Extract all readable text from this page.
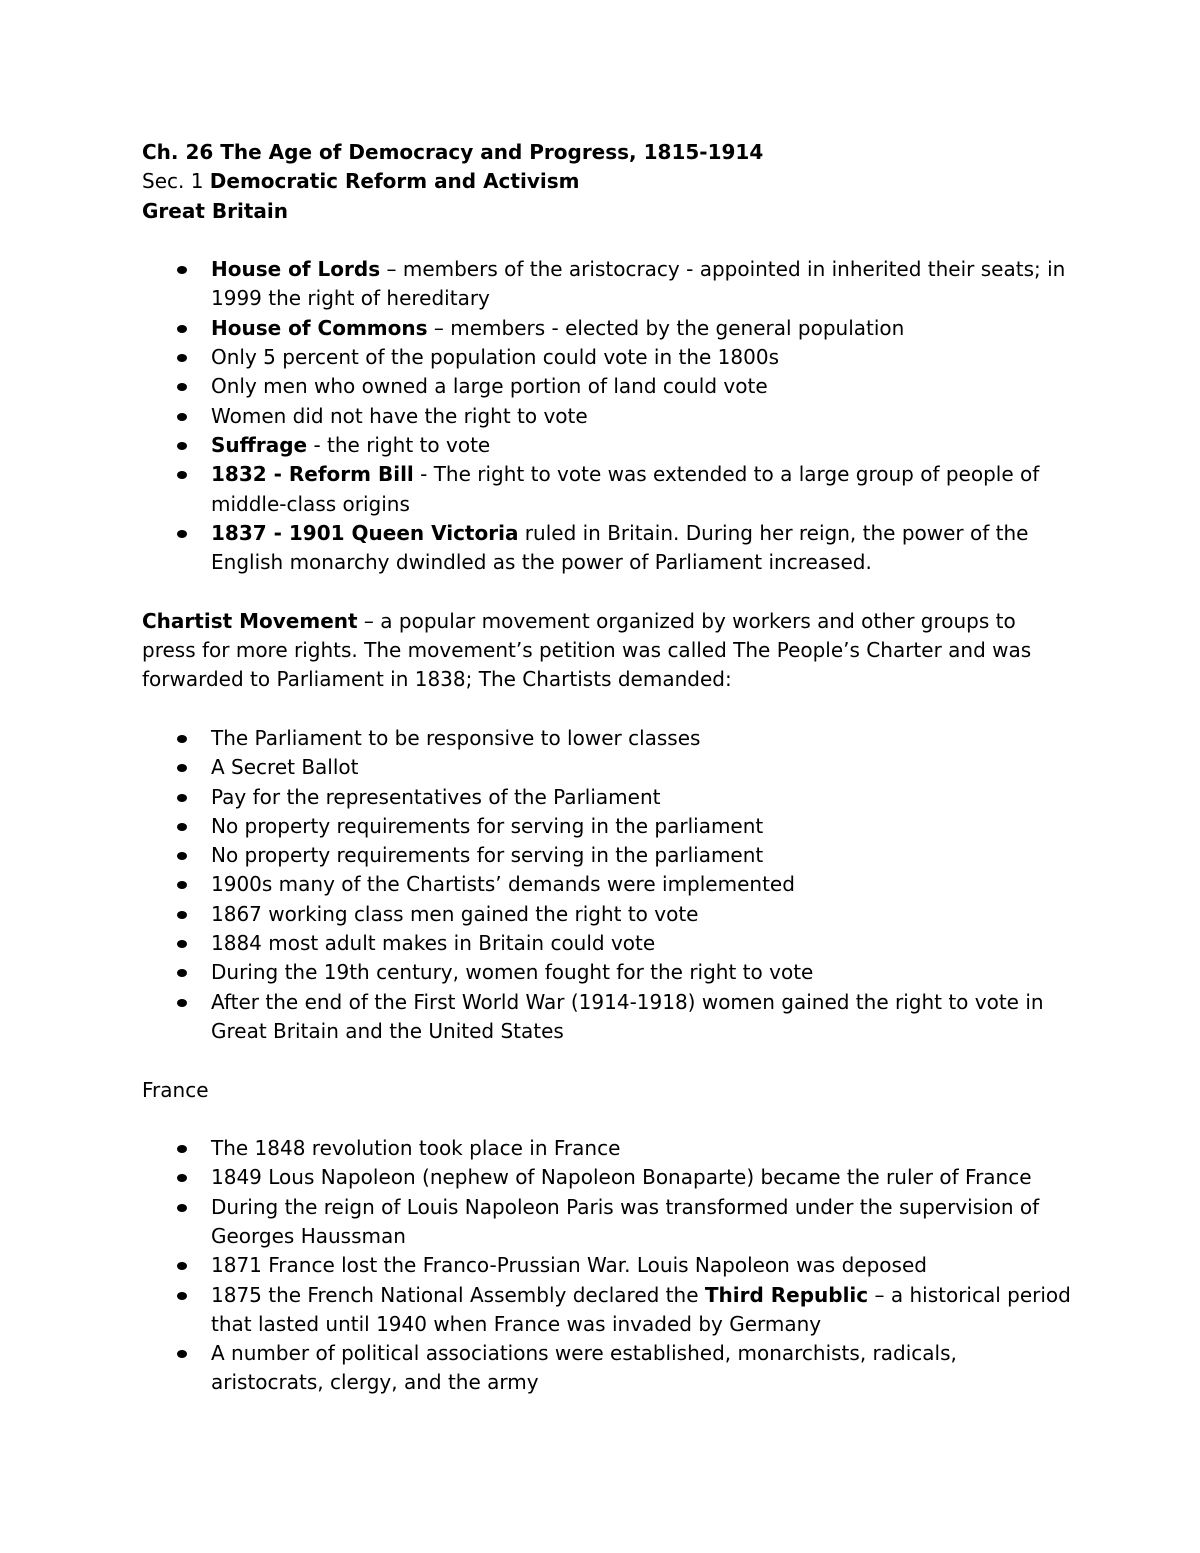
Ch. 26 The Age of Democracy and Progress, 1815-1914

Sec. 1 Democratic Reform and Activism

Great Britain

House of Lords – members of the aristocracy - appointed in inherited their seats; in 1999 the right of hereditary
House of Commons – members - elected by the general population
Only 5 percent of the population could vote in the 1800s
Only men who owned a large portion of land could vote
Women did not have the right to vote
Suffrage - the right to vote
1832 - Reform Bill - The right to vote was extended to a large group of people of middle-class origins
1837 - 1901 Queen Victoria ruled in Britain. During her reign, the power of the English monarchy dwindled as the power of Parliament increased.

Chartist Movement – a popular movement organized by workers and other groups to press for more rights. The movement’s petition was called The People’s Charter and was forwarded to Parliament in 1838; The Chartists demanded:

The Parliament to be responsive to lower classes
A Secret Ballot
Pay for the representatives of the Parliament
No property requirements for serving in the parliament
No property requirements for serving in the parliament
1900s many of the Chartists’ demands were implemented
1867 working class men gained the right to vote
1884 most adult makes in Britain could vote
During the 19th century, women fought for the right to vote
After the end of the First World War (1914-1918) women gained the right to vote in Great Britain and the United States

France

The 1848 revolution took place in France
1849 Lous Napoleon (nephew of Napoleon Bonaparte) became the ruler of France
During the reign of Louis Napoleon Paris was transformed under the supervision of Georges Haussman
1871 France lost the Franco-Prussian War. Louis Napoleon was deposed
1875 the French National Assembly declared the Third Republic – a historical period that lasted until 1940 when France was invaded by Germany
A number of political associations were established, monarchists, radicals, aristocrats, clergy, and the army
